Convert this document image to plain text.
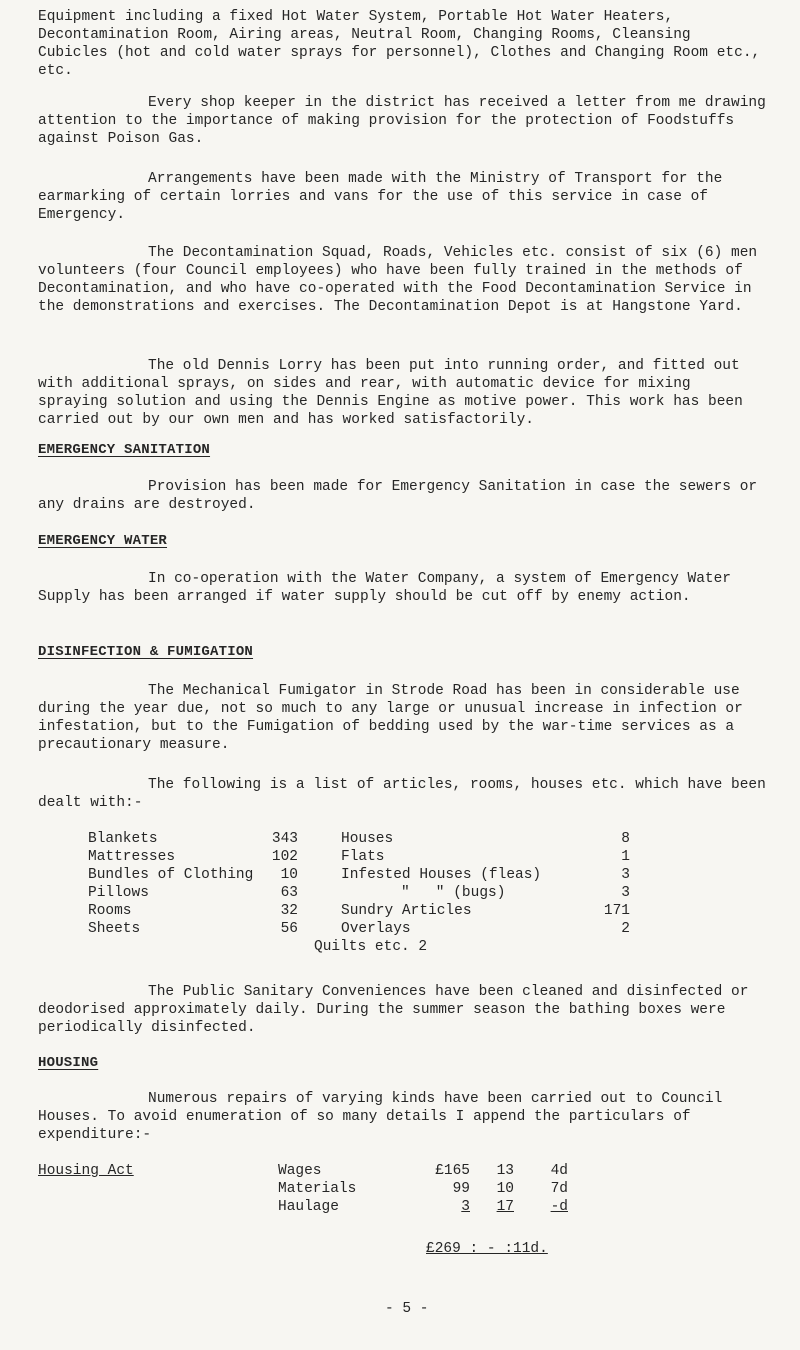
Equipment including a fixed Hot Water System, Portable Hot Water Heaters, Decontamination Room, Airing areas, Neutral Room, Changing Rooms, Cleansing Cubicles (hot and cold water sprays for personnel), Clothes and Changing Room etc., etc.

Every shop keeper in the district has received a letter from me drawing attention to the importance of making provision for the protection of Foodstuffs against Poison Gas.

Arrangements have been made with the Ministry of Transport for the earmarking of certain lorries and vans for the use of this service in case of Emergency.

The Decontamination Squad, Roads, Vehicles etc. consist of six (6) men volunteers (four Council employees) who have been fully trained in the methods of Decontamination, and who have co-operated with the Food Decontamination Service in the demonstrations and exercises. The Decontamination Depot is at Hangstone Yard.

The old Dennis Lorry has been put into running order, and fitted out with additional sprays, on sides and rear, with automatic device for mixing spraying solution and using the Dennis Engine as motive power. This work has been carried out by our own men and has worked satisfactorily.

EMERGENCY SANITATION

Provision has been made for Emergency Sanitation in case the sewers or any drains are destroyed.

EMERGENCY WATER

In co-operation with the Water Company, a system of Emergency Water Supply has been arranged if water supply should be cut off by enemy action.

DISINFECTION & FUMIGATION

The Mechanical Fumigator in Strode Road has been in considerable use during the year due, not so much to any large or unusual increase in infection or infestation, but to the Fumigation of bedding used by the war-time services as a precautionary measure.

The following is a list of articles, rooms, houses etc. which have been dealt with:-

Blankets
Mattresses
Bundles of Clothing
Pillows
Rooms
Sheets
343
102
10
63
32
56
Houses
Flats
Infested Houses (fleas)
"   " (bugs)
Sundry Articles
Overlays
8
1
3
3
171
2
Quilts etc. 2

The Public Sanitary Conveniences have been cleaned and disinfected or deodorised approximately daily. During the summer season the bathing boxes were periodically disinfected.

HOUSING

Numerous repairs of varying kinds have been carried out to Council Houses. To avoid enumeration of so many details I append the particulars of expenditure:-

Housing Act	Wages
Materials
Haulage
£165
99
3
13
10
17
4d
7d
-d
£269 : - :11d.
- 5 -
